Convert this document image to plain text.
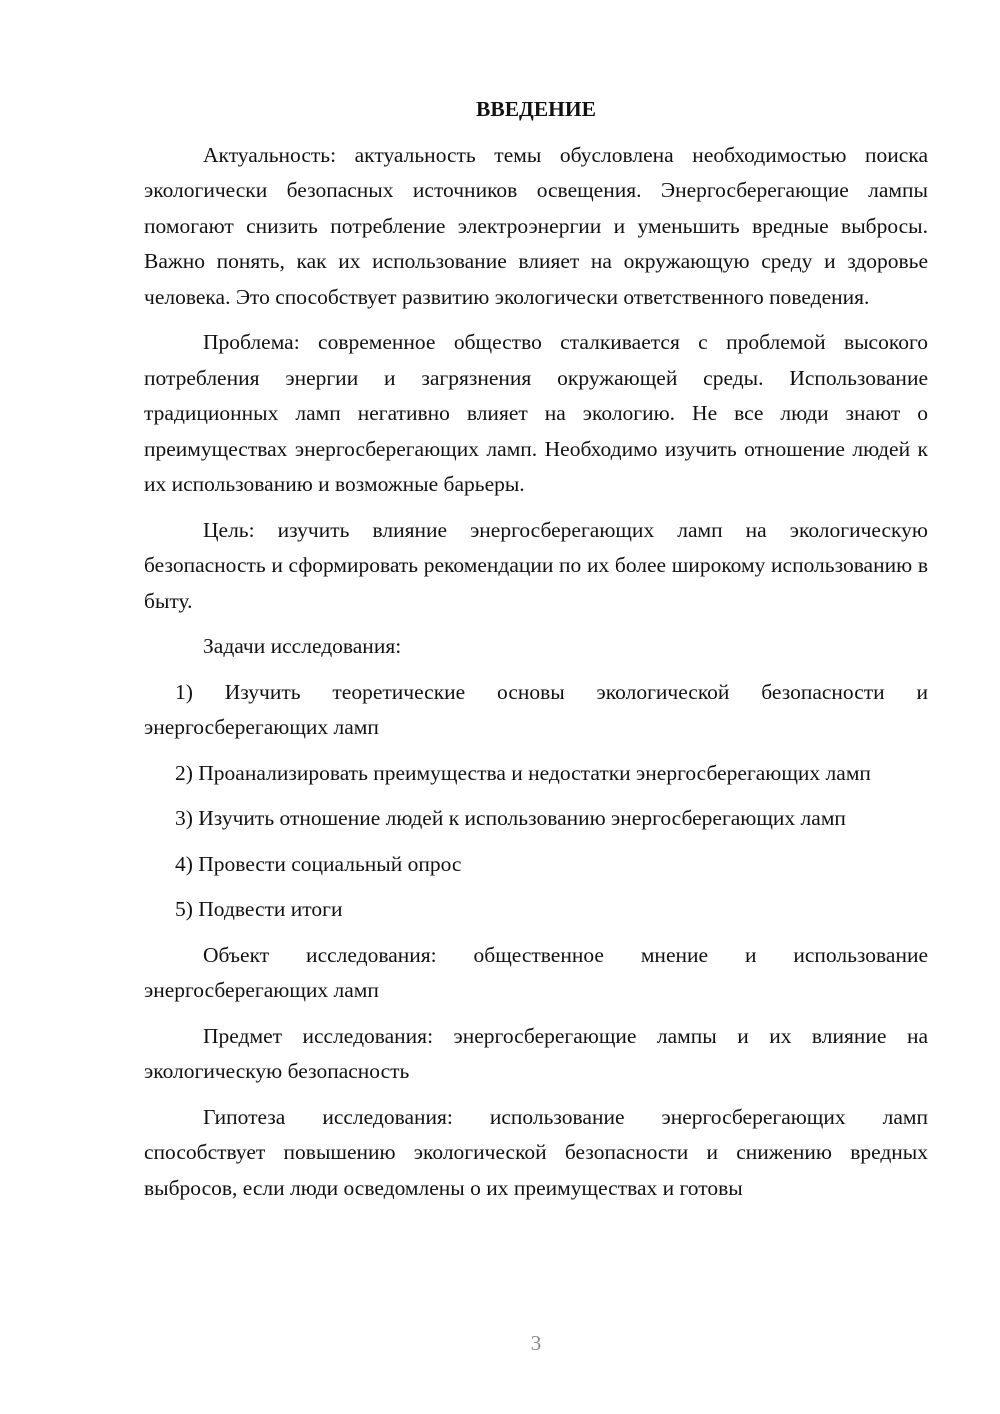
ВВЕДЕНИЕ

Актуальность: актуальность темы обусловлена необходимостью поиска экологически безопасных источников освещения. Энергосберегающие лампы помогают снизить потребление электроэнергии и уменьшить вредные выбросы. Важно понять, как их использование влияет на окружающую среду и здоровье человека. Это способствует развитию экологически ответственного поведения.

Проблема: современное общество сталкивается с проблемой высокого потребления энергии и загрязнения окружающей среды. Использование традиционных ламп негативно влияет на экологию. Не все люди знают о преимуществах энергосберегающих ламп. Необходимо изучить отношение людей к их использованию и возможные барьеры.

Цель: изучить влияние энергосберегающих ламп на экологическую безопасность и сформировать рекомендации по их более широкому использованию в быту.

Задачи исследования:

1) Изучить теоретические основы экологической безопасности и энергосберегающих ламп

2) Проанализировать преимущества и недостатки энергосберегающих ламп

3) Изучить отношение людей к использованию энергосберегающих ламп

4) Провести социальный опрос

5) Подвести итоги

Объект исследования: общественное мнение и использование энергосберегающих ламп

Предмет исследования: энергосберегающие лампы и их влияние на экологическую безопасность

Гипотеза исследования: использование энергосберегающих ламп способствует повышению экологической безопасности и снижению вредных выбросов, если люди осведомлены о их преимуществах и готовы

3
